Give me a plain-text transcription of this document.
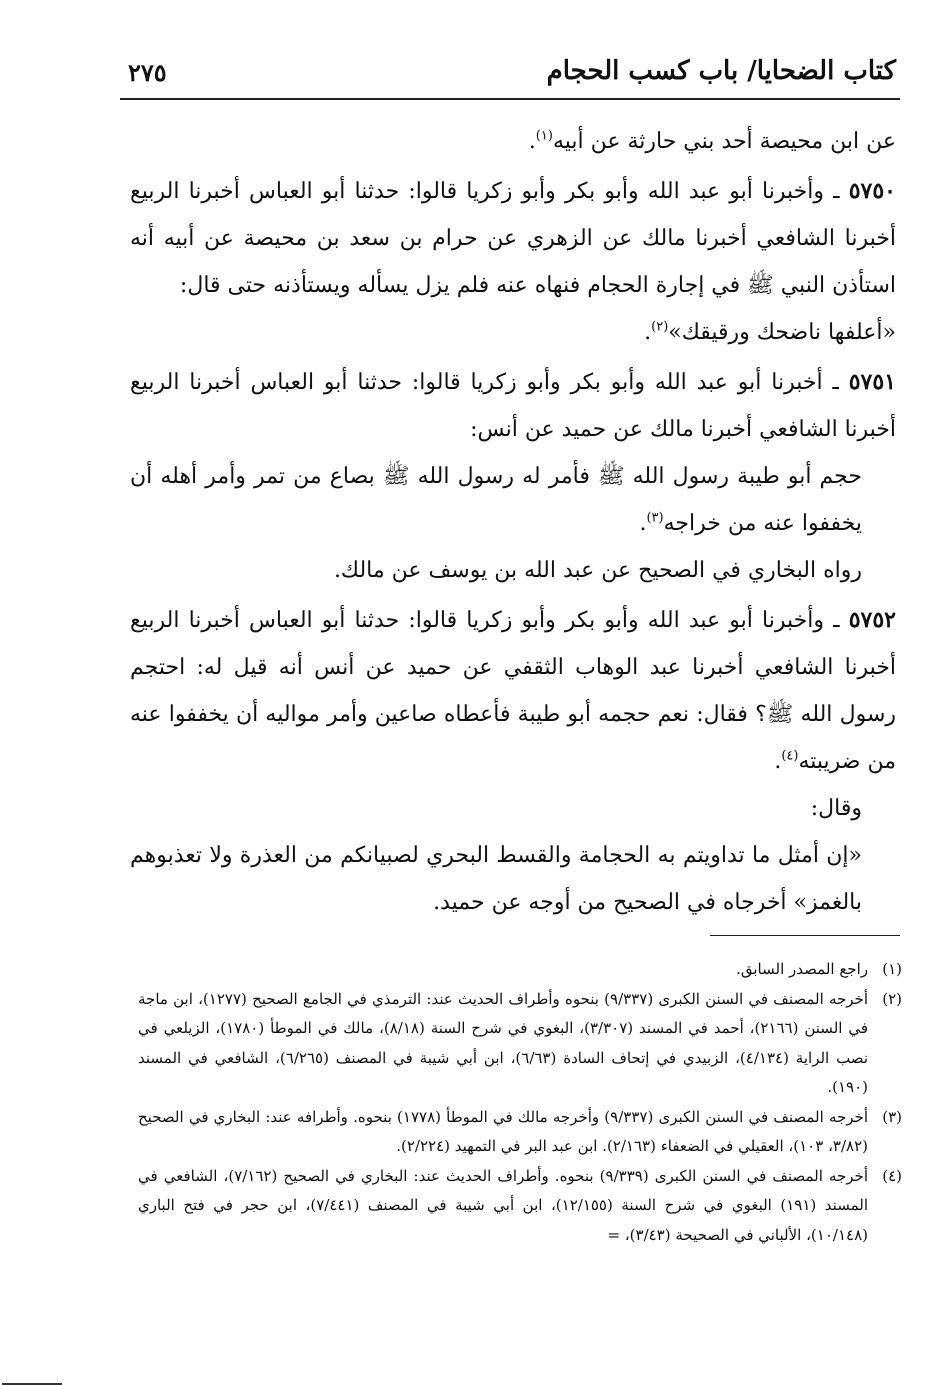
كتاب الضحايا/ باب كسب الحجام
٢٧٥

عن ابن محيصة أحد بني حارثة عن أبيه$^{(١)}$.

٥٧٥٠ ـ وأخبرنا أبو عبد الله وأبو بكر وأبو زكريا قالوا: حدثنا أبو العباس أخبرنا الربيع أخبرنا الشافعي أخبرنا مالك عن الزهري عن حرام بن سعد بن محيصة عن أبيه أنه استأذن النبي ﷺ في إجارة الحجام فنهاه عنه فلم يزل يسأله ويستأذنه حتى قال:

«أعلفها ناضحك ورقيقك»$^{(٢)}$.

٥٧٥١ ـ أخبرنا أبو عبد الله وأبو بكر وأبو زكريا قالوا: حدثنا أبو العباس أخبرنا الربيع أخبرنا الشافعي أخبرنا مالك عن حميد عن أنس:

حجم أبو طيبة رسول الله ﷺ فأمر له رسول الله ﷺ بصاع من تمر وأمر أهله أن يخففوا عنه من خراجه$^{(٣)}$.

رواه البخاري في الصحيح عن عبد الله بن يوسف عن مالك.

٥٧٥٢ ـ وأخبرنا أبو عبد الله وأبو بكر وأبو زكريا قالوا: حدثنا أبو العباس أخبرنا الربيع أخبرنا الشافعي أخبرنا عبد الوهاب الثقفي عن حميد عن أنس أنه قيل له: احتجم رسول الله ﷺ؟ فقال: نعم حجمه أبو طيبة فأعطاه صاعين وأمر مواليه أن يخففوا عنه من ضريبته$^{(٤)}$.

وقال:

«إن أمثل ما تداويتم به الحجامة والقسط البحري لصبيانكم من العذرة ولا تعذبوهم بالغمز» أخرجاه في الصحيح من أوجه عن حميد.

(١)
راجع المصدر السابق.

(٢)
أخرجه المصنف في السنن الكبرى (٩/٣٣٧) بنحوه وأطراف الحديث عند: الترمذي في الجامع الصحيح (١٢٧٧)، ابن ماجة في السنن (٢١٦٦)، أحمد في المسند (٣/٣٠٧)، البغوي في شرح السنة (٨/١٨)، مالك في الموطأ (١٧٨٠)، الزيلعي في نصب الراية (٤/١٣٤)، الزبيدي في إتحاف السادة (٦/٦٣)، ابن أبي شيبة في المصنف (٦/٢٦٥)، الشافعي في المسند (١٩٠).

(٣)
أخرجه المصنف في السنن الكبرى (٩/٣٣٧) وأخرجه مالك في الموطأ (١٧٧٨) بنحوه. وأطرافه عند: البخاري في الصحيح (٣/٨٢، ١٠٣)، العقيلي في الضعفاء (٢/١٦٣). ابن عبد البر في التمهيد (٢/٢٢٤).

(٤)
أخرجه المصنف في السنن الكبرى (٩/٣٣٩) بنحوه. وأطراف الحديث عند: البخاري في الصحيح (٧/١٦٢)، الشافعي في المسند (١٩١) البغوي في شرح السنة (١٢/١٥٥)، ابن أبي شيبة في المصنف (٧/٤٤١)، ابن حجر في فتح الباري (١٠/١٤٨)، الألباني في الصحيحة (٣/٤٣)، =
